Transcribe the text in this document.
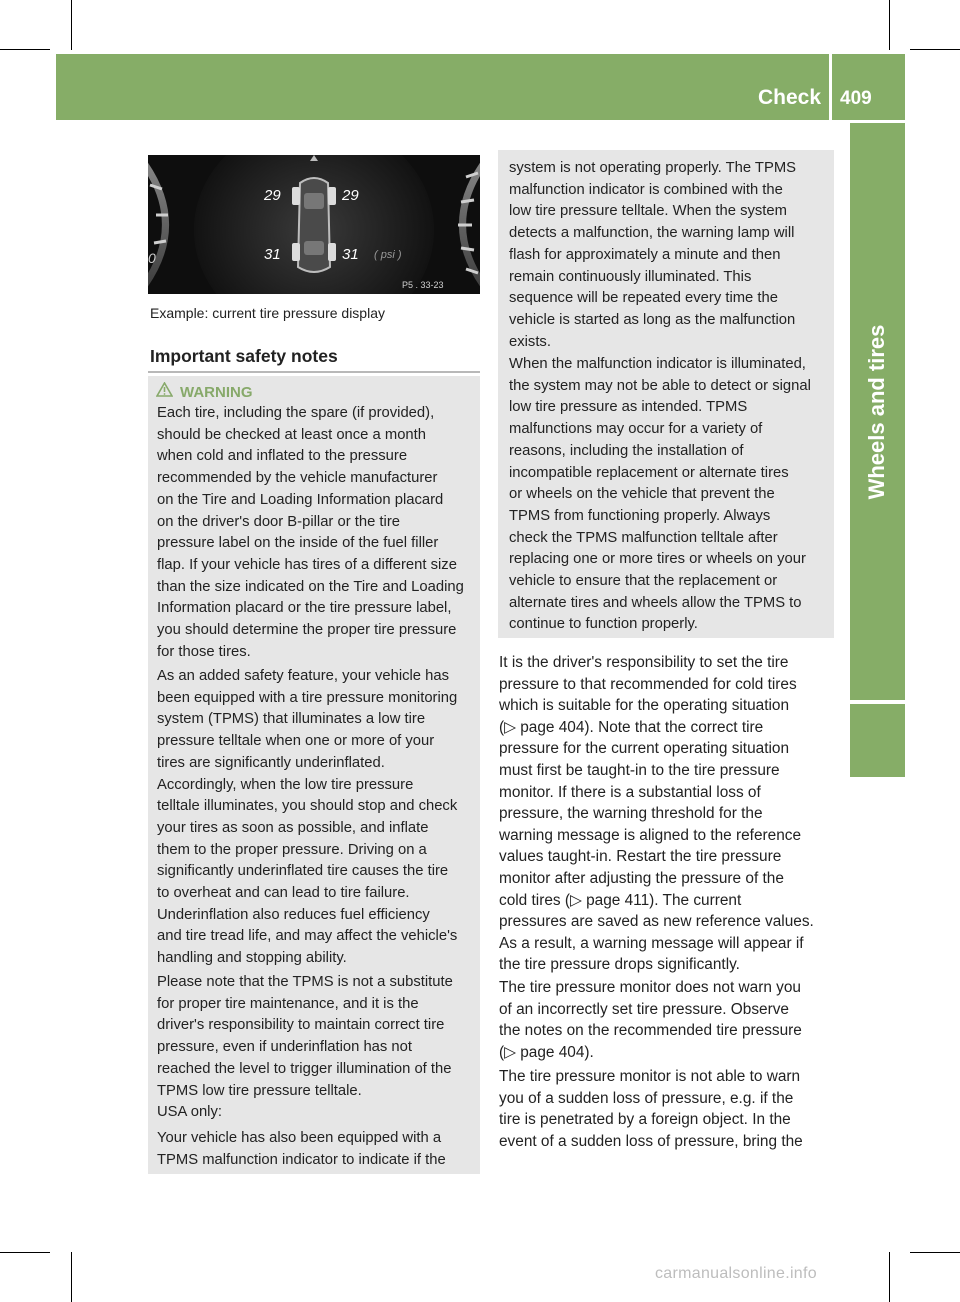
Check 409
Wheels and tires
29	29
31	31 ( psi )
0
P5 . 33-23
Example: current tire pressure display
Important safety notes
WARNING
Each tire, including the spare (if provided),
should be checked at least once a month
when cold and inflated to the pressure
recommended by the vehicle manufacturer
on the Tire and Loading Information placard
on the driver's door B-pillar or the tire
pressure label on the inside of the fuel filler
flap. If your vehicle has tires of a different size
than the size indicated on the Tire and Loading
Information placard or the tire pressure label,
you should determine the proper tire pressure
for those tires.
As an added safety feature, your vehicle has
been equipped with a tire pressure monitoring
system (TPMS) that illuminates a low tire
pressure telltale when one or more of your
tires are significantly underinflated.
Accordingly, when the low tire pressure
telltale illuminates, you should stop and check
your tires as soon as possible, and inflate
them to the proper pressure. Driving on a
significantly underinflated tire causes the tire
to overheat and can lead to tire failure.
Underinflation also reduces fuel efficiency
and tire tread life, and may affect the vehicle's
handling and stopping ability.
Please note that the TPMS is not a substitute
for proper tire maintenance, and it is the
driver's responsibility to maintain correct tire
pressure, even if underinflation has not
reached the level to trigger illumination of the
TPMS low tire pressure telltale.
USA only:
Your vehicle has also been equipped with a
TPMS malfunction indicator to indicate if the
system is not operating properly. The TPMS
malfunction indicator is combined with the
low tire pressure telltale. When the system
detects a malfunction, the warning lamp will
flash for approximately a minute and then
remain continuously illuminated. This
sequence will be repeated every time the
vehicle is started as long as the malfunction
exists.
When the malfunction indicator is illuminated,
the system may not be able to detect or signal
low tire pressure as intended. TPMS
malfunctions may occur for a variety of
reasons, including the installation of
incompatible replacement or alternate tires
or wheels on the vehicle that prevent the
TPMS from functioning properly. Always
check the TPMS malfunction telltale after
replacing one or more tires or wheels on your
vehicle to ensure that the replacement or
alternate tires and wheels allow the TPMS to
continue to function properly.
It is the driver's responsibility to set the tire
pressure to that recommended for cold tires
which is suitable for the operating situation
(▷ page 404). Note that the correct tire
pressure for the current operating situation
must first be taught-in to the tire pressure
monitor. If there is a substantial loss of
pressure, the warning threshold for the
warning message is aligned to the reference
values taught-in. Restart the tire pressure
monitor after adjusting the pressure of the
cold tires (▷ page 411). The current
pressures are saved as new reference values.
As a result, a warning message will appear if
the tire pressure drops significantly.
The tire pressure monitor does not warn you
of an incorrectly set tire pressure. Observe
the notes on the recommended tire pressure
(▷ page 404).
The tire pressure monitor is not able to warn
you of a sudden loss of pressure, e.g. if the
tire is penetrated by a foreign object. In the
event of a sudden loss of pressure, bring the
carmanualsonline.info
